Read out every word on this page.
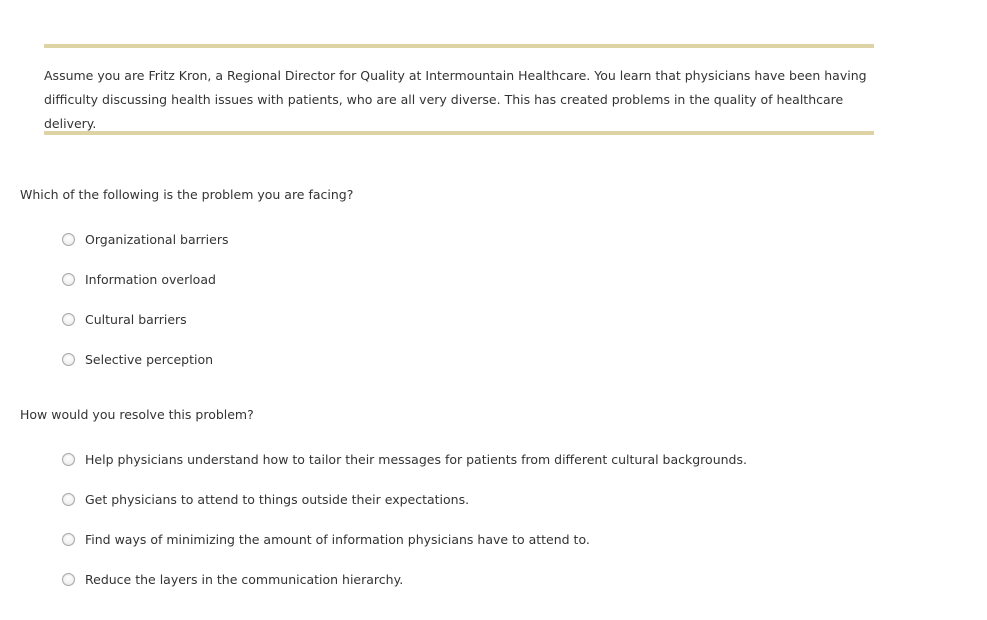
Assume you are Fritz Kron, a Regional Director for Quality at Intermountain Healthcare. You learn that physicians have been having
difficulty discussing health issues with patients, who are all very diverse. This has created problems in the quality of healthcare delivery.
Which of the following is the problem you are facing?
Organizational barriers
Information overload
Cultural barriers
Selective perception
How would you resolve this problem?
Help physicians understand how to tailor their messages for patients from different cultural backgrounds.
Get physicians to attend to things outside their expectations.
Find ways of minimizing the amount of information physicians have to attend to.
Reduce the layers in the communication hierarchy.
